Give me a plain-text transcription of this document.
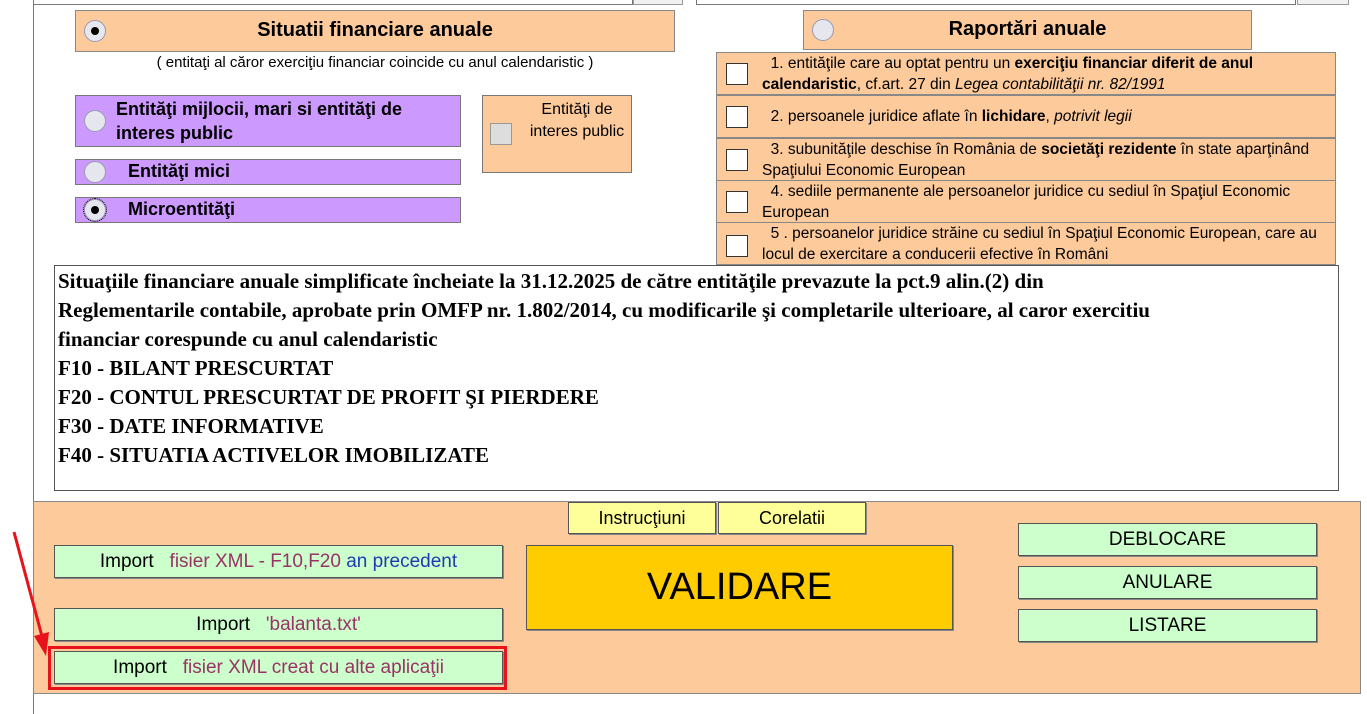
Situatii financiare anuale
( entitaţi al căror exerciţiu financiar coincide cu anul calendaristic )
Raportări anuale
Entităţi mijlocii, mari si entităţi de interes public
Entităţi mici
Microentităţi
Entităţi de interes public
1. entităţile care au optat pentru un exerciţiu financiar diferit de anul calendaristic, cf.art. 27 din Legea contabilităţii nr. 82/1991
2. persoanele juridice aflate în lichidare, potrivit legii
3. subunităţile deschise în România de societăţi rezidente în state aparţinând Spaţiului Economic European
4. sediile permanente ale persoanelor juridice cu sediul în Spaţiul Economic European
5 . persoanelor juridice străine cu sediul în Spaţiul Economic European, care au locul de exercitare a conducerii efective în Români
Situaţiile financiare anuale simplificate încheiate la 31.12.2025 de către entităţile prevazute la pct.9 alin.(2) din
Reglementarile contabile, aprobate prin OMFP nr. 1.802/2014, cu modificarile şi completarile ulterioare, al caror exercitiu
financiar corespunde cu anul calendaristic
F10 - BILANT PRESCURTAT
F20 - CONTUL PRESCURTAT DE PROFIT ŞI PIERDERE
F30 - DATE INFORMATIVE
F40 - SITUATIA ACTIVELOR IMOBILIZATE
Instrucţiuni	Corelatii
VALIDARE
DEBLOCARE
ANULARE
LISTARE
Import
fisier XML - F10,F20
an precedent
Import
'balanta.txt'
Import
fisier XML creat cu alte aplicaţii
